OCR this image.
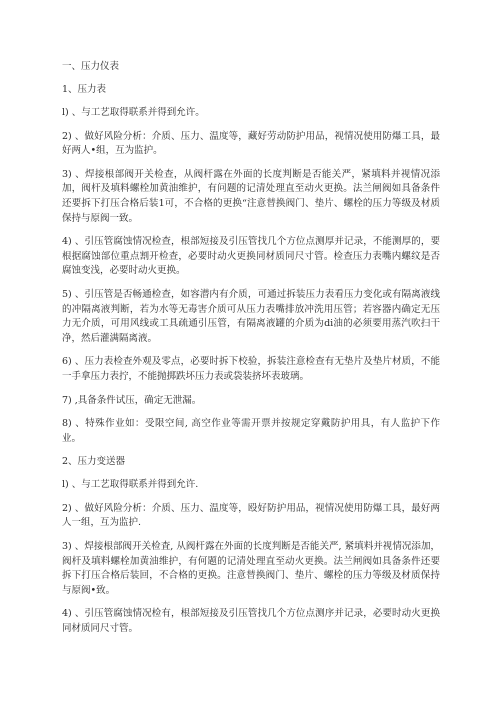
一、压力仪表
1、压力表
l) 、与工艺取得联系并得到允许。
2) 、做好风险分析：介质、压力、温度等，藏好劳动防护用品，视情况使用防爆工具，最好两人•组，互为监护。
3) 、焊接根部阀开关检查，从阀杆露在外面的长度判断是否能关严，紧填料并视情况添加，阀杆及填料螺栓加黄油维护，有问题的记清处理直至动火更换。法兰闸阀如具备条件还要拆下打压合格后装1可，不合格的更换“注意替换阀门、垫片、螺栓的压力等级及材质保持与原阀一致。
4) 、引压管腐蚀情况检查，根部短接及引压管找几个方位点测厚并记录，不能测厚的，要根据腐蚀部位重点割开检查，必要时动火更换同材质同尺寸管。检查压力表嘴内螺纹是否腐蚀变浅，必要时动火更换。
5) 、引压管是否畅通检查，如容潜内有介质，可通过拆装压力表看压力变化或有隔离液线的冲隔离液判断，若为水等无毒害介质可从压力表嘴排放冲洗用压管；若容器内确定无压力无介质，可用风线或工具疏通引压管，有隔离液罐的介质为di油的必须要用蒸汽吹扫干净，然后灌满隔离液。
6) 、压力表检查外观及零点，必要时拆下校验，拆装注意检查有无垫片及垫片材质，不能一手拿压力表拧，不能抛掷跌坏压力表或袋装挤坏表玻璃。
7) ,具备条件试压，确定无泄漏。
8) 、特殊作业如：受限空间, 高空作业等需开票并按规定穿戴防护用具，有人监护下作业。
2、压力变送器
l) 、与工艺取得联系并得到允许.
2) 、做好风险分析：介质、压力、温度等，殴好防护用品，视情况使用防爆工具，最好两人一组，互为监护.
3) 、焊接根部阀开关检査, 从阀杆露在外面的长度判断是否能关严, 紧填料并视情况添加，阀杆及填料螺栓加黄油维护，有何题的记清处理直至动火更换。法兰闸阀如具备条件还要拆下打压合格后装回，不合格的更换。注意替换阀门、垫片、螺栓的压力等级及材质保持与原阀•致。
4) 、引压管腐蚀情况检有，根部短接及引压管找几个方位点测序并记录，必要时动火更换同材质同尺寸管。
